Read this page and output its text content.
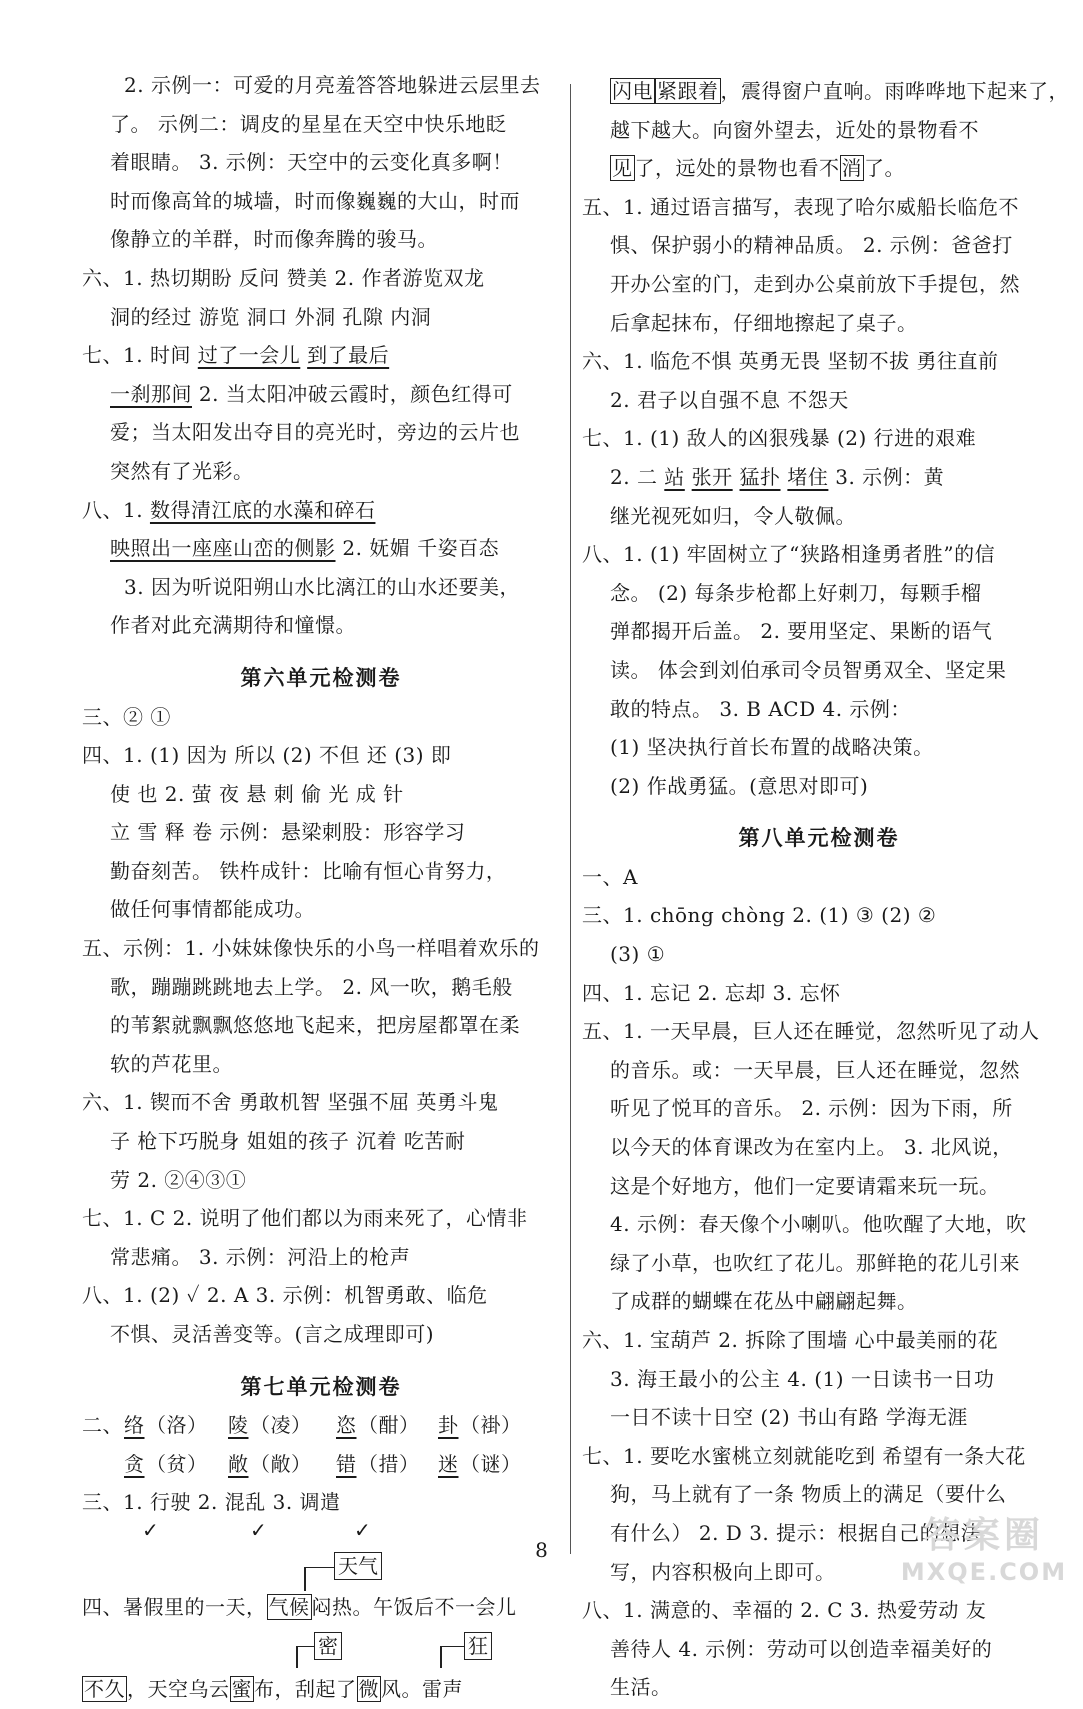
2. 示例一：可爱的月亮羞答答地躲进云层里去
了。 示例二：调皮的星星在天空中快乐地眨
着眼睛。 3. 示例：天空中的云变化真多啊！
时而像高耸的城墙，时而像巍巍的大山，时而
像静立的羊群，时而像奔腾的骏马。
六、1. 热切期盼 反问 赞美 2. 作者游览双龙
洞的经过 游览 洞口 外洞 孔隙 内洞
七、1. 时间 过了一会儿 到了最后
一刹那间 2. 当太阳冲破云霞时，颜色红得可
爱；当太阳发出夺目的亮光时，旁边的云片也
突然有了光彩。
八、1. 数得清江底的水藻和碎石
映照出一座座山峦的侧影 2. 妩媚 千姿百态
3. 因为听说阳朔山水比漓江的山水还要美，
作者对此充满期待和憧憬。
第六单元检测卷
三、② ①
四、1. (1) 因为 所以 (2) 不但 还 (3) 即
使 也 2. 萤 夜 悬 刺 偷 光 成 针
立 雪 释 卷 示例：悬梁刺股：形容学习
勤奋刻苦。 铁杵成针：比喻有恒心肯努力，
做任何事情都能成功。
五、示例：1. 小妹妹像快乐的小鸟一样唱着欢乐的
歌，蹦蹦跳跳地去上学。 2. 风一吹，鹅毛般
的苇絮就飘飘悠悠地飞起来，把房屋都罩在柔
软的芦花里。
六、1. 锲而不舍 勇敢机智 坚强不屈 英勇斗鬼
子 枪下巧脱身 姐姐的孩子 沉着 吃苦耐
劳 2. ②④③①
七、1. C 2. 说明了他们都以为雨来死了，心情非
常悲痛。 3. 示例：河沿上的枪声
八、1. (2) ✓ 2. A 3. 示例：机智勇敢、临危
不惧、灵活善变等。(言之成理即可)
第七单元检测卷
二、 络 （洛） 陵 （凌） 恣 （酣） 卦 （褂）
贪 （贫） 敞 （敞） 错 （措） 迷 （谜）
三、1. 行驶 2. 混乱 3. 调遣
✓	✓	✓
天气
四、暑假里的一天， 气候 闷热。午饭后不一会儿
密	狂
不久 ，天空乌云 蜜 布，刮起了 微 风。雷声
闪电 紧跟着 ，震得窗户直响。雨哗哗地下起来了，
越下越大。向窗外望去，近处的景物看不
见 了，远处的景物也看不 消 了。
五、1. 通过语言描写，表现了哈尔威船长临危不
惧、保护弱小的精神品质。 2. 示例：爸爸打
开办公室的门，走到办公桌前放下手提包，然
后拿起抹布，仔细地擦起了桌子。
六、1. 临危不惧 英勇无畏 坚韧不拔 勇往直前
2. 君子以自强不息 不怨天
七、1. (1) 敌人的凶狠残暴 (2) 行进的艰难
2. 二 站 张开 猛扑 堵住 3. 示例：黄
继光视死如归，令人敬佩。
八、1. (1) 牢固树立了“狭路相逢勇者胜”的信
念。 (2) 每条步枪都上好刺刀，每颗手榴
弹都揭开后盖。 2. 要用坚定、果断的语气
读。 体会到刘伯承司令员智勇双全、坚定果
敢的特点。 3. B ACD 4. 示例：
(1) 坚决执行首长布置的战略决策。
(2) 作战勇猛。(意思对即可)
第八单元检测卷
一、A
三、1. chōng chòng 2. (1) ③ (2) ②
(3) ①
四、1. 忘记 2. 忘却 3. 忘怀
五、1. 一天早晨，巨人还在睡觉，忽然听见了动人
的音乐。或：一天早晨，巨人还在睡觉，忽然
听见了悦耳的音乐。 2. 示例：因为下雨，所
以今天的体育课改为在室内上。 3. 北风说，
这是个好地方，他们一定要请霜来玩一玩。
4. 示例：春天像个小喇叭。他吹醒了大地，吹
绿了小草，也吹红了花儿。那鲜艳的花儿引来
了成群的蝴蝶在花丛中翩翩起舞。
六、1. 宝葫芦 2. 拆除了围墙 心中最美丽的花
3. 海王最小的公主 4. (1) 一日读书一日功
一日不读十日空 (2) 书山有路 学海无涯
七、1. 要吃水蜜桃立刻就能吃到 希望有一条大花
狗，马上就有了一条 物质上的满足（要什么
有什么） 2. D 3. 提示：根据自己的想法
写，内容积极向上即可。
八、1. 满意的、幸福的 2. C 3. 热爱劳动 友
善待人 4. 示例：劳动可以创造幸福美好的
生活。
8	答案圈
MXQE.COM
